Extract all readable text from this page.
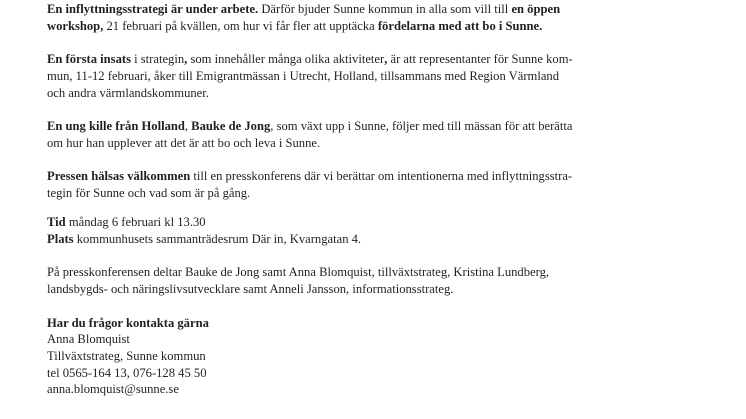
En inflyttningsstrategi är under arbete. Därför bjuder Sunne kommun in alla som vill till en öppen
workshop, 21 februari på kvällen, om hur vi får fler att upptäcka fördelarna med att bo i Sunne.

En första insats i strategin, som innehåller många olika aktiviteter, är att representanter för Sunne kom-
mun, 11-12 februari, åker till Emigrantmässan i Utrecht, Holland, tillsammans med Region Värmland
och andra värmlandskommuner.

En ung kille från Holland, Bauke de Jong, som växt upp i Sunne, följer med till mässan för att berätta
om hur han upplever att det är att bo och leva i Sunne.

Pressen hälsas välkommen till en presskonferens där vi berättar om intentionerna med inflyttningsstra-
tegin för Sunne och vad som är på gång.

Tid måndag 6 februari kl 13.30
Plats kommunhusets sammanträdesrum Där in, Kvarngatan 4.

På presskonferensen deltar Bauke de Jong samt Anna Blomquist, tillväxtstrateg, Kristina Lundberg,
landsbygds- och näringslivsutvecklare samt Anneli Jansson, informationsstrateg.

Har du frågor kontakta gärna
Anna Blomquist
Tillväxtstrateg, Sunne kommun
tel 0565-164 13, 076-128 45 50
anna.blomquist@sunne.se
